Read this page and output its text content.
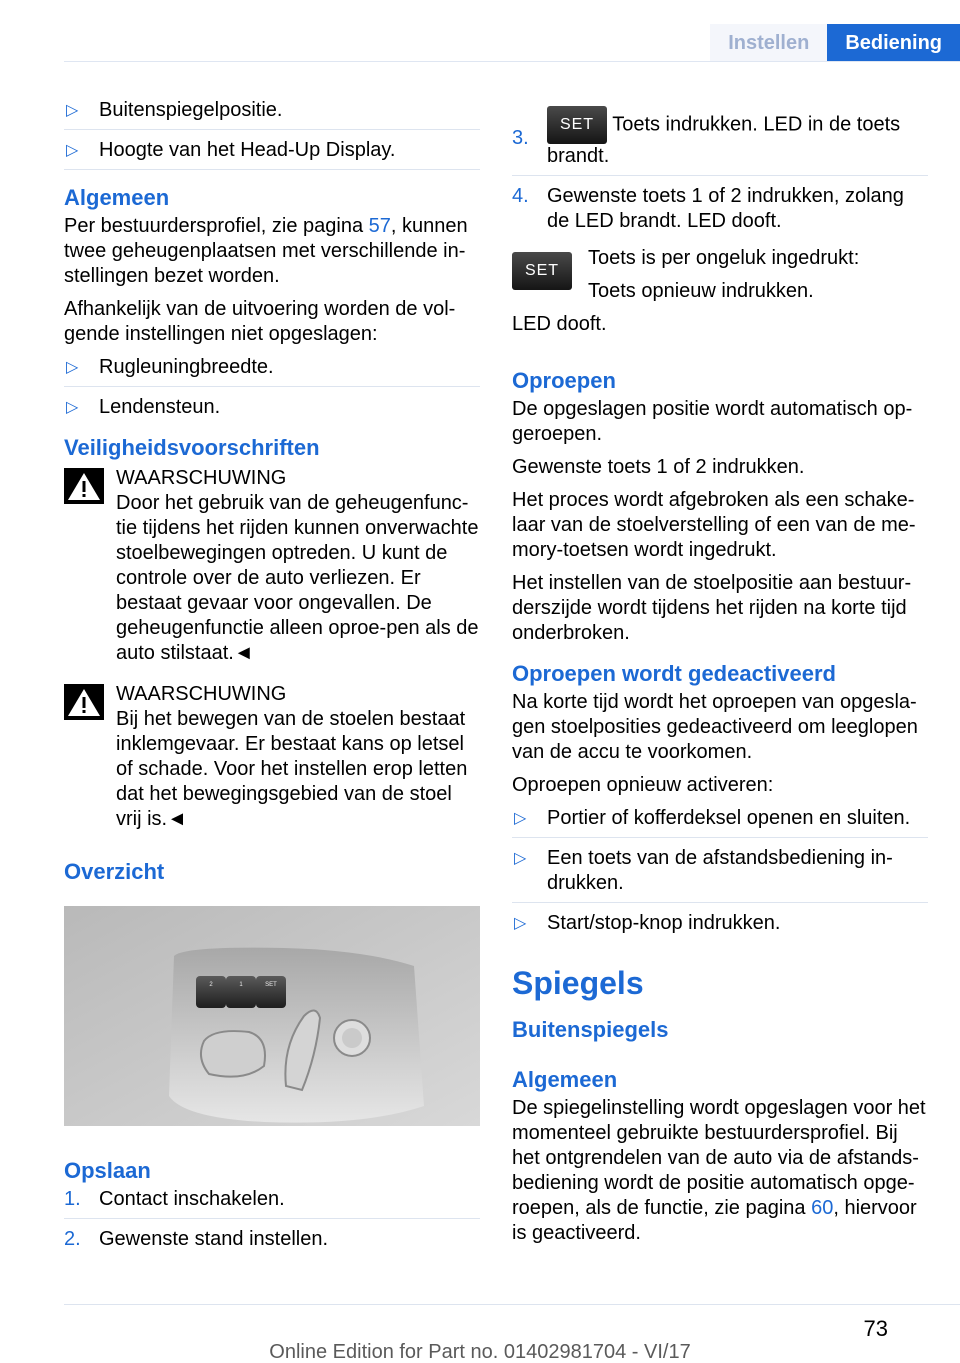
Instellen	Bediening
▷ Buitenspiegelpositie.
▷ Hoogte van het Head-Up Display.
Algemeen

Per bestuurdersprofiel, zie pagina 57, kunnen twee geheugenplaatsen met verschillende in-stellingen bezet worden.

Afhankelijk van de uitvoering worden de vol-gende instellingen niet opgeslagen:

▷ Rugleuningbreedte.
▷ Lendensteun.
Veiligheidsvoorschriften
WAARSCHUWING

Door het gebruik van de geheugenfunc-tie tijdens het rijden kunnen onverwachte stoelbewegingen optreden. U kunt de controle over de auto verliezen. Er bestaat gevaar voor ongevallen. De geheugenfunctie alleen oproe-pen als de auto stilstaat.◄

WAARSCHUWING

Bij het bewegen van de stoelen bestaat inklemgevaar. Er bestaat kans op letsel of schade. Voor het instellen erop letten dat het bewegingsgebied van de stoel vrij is.◄

Overzicht
2	1	SET
Opslaan
1. Contact inschakelen.
2. Gewenste stand instellen.
3.
SET Toets indrukken. LED in de toets brandt.
4. Gewenste toets 1 of 2 indrukken, zolang de LED brandt. LED dooft.
SET

Toets is per ongeluk ingedrukt:

Toets opnieuw indrukken.

LED dooft.

Oproepen

De opgeslagen positie wordt automatisch op-geroepen.

Gewenste toets 1 of 2 indrukken.

Het proces wordt afgebroken als een schake-laar van de stoelverstelling of een van de me-mory-toetsen wordt ingedrukt.

Het instellen van de stoelpositie aan bestuur-derszijde wordt tijdens het rijden na korte tijd onderbroken.

Oproepen wordt gedeactiveerd

Na korte tijd wordt het oproepen van opgesla-gen stoelposities gedeactiveerd om leeglopen van de accu te voorkomen.

Oproepen opnieuw activeren:

▷ Portier of kofferdeksel openen en sluiten.
▷ Een toets van de afstandsbediening in-drukken.
▷ Start/stop-knop indrukken.
Spiegels
Buitenspiegels
Algemeen

De spiegelinstelling wordt opgeslagen voor het momenteel gebruikte bestuurdersprofiel. Bij het ontgrendelen van de auto via de afstands-bediening wordt de positie automatisch opge-roepen, als de functie, zie pagina 60, hiervoor is geactiveerd.

73
Online Edition for Part no. 01402981704 - VI/17
